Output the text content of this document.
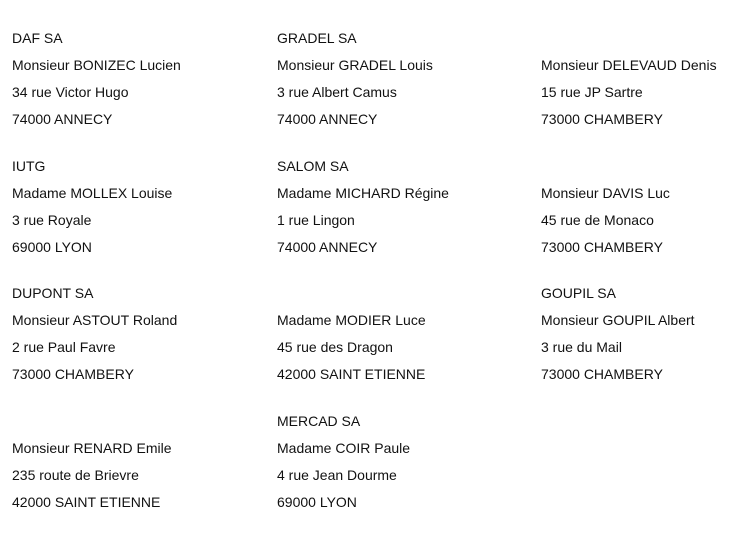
DAF SA
Monsieur BONIZEC Lucien
34 rue Victor Hugo
74000 ANNECY
GRADEL SA
Monsieur GRADEL Louis
3 rue Albert Camus
74000 ANNECY
Monsieur DELEVAUD Denis
15 rue JP Sartre
73000 CHAMBERY
IUTG
Madame MOLLEX Louise
3 rue Royale
69000 LYON
SALOM SA
Madame MICHARD Régine
1 rue Lingon
74000 ANNECY
Monsieur DAVIS Luc
45 rue de Monaco
73000 CHAMBERY
DUPONT SA
Monsieur ASTOUT Roland
2 rue Paul Favre
73000 CHAMBERY
Madame MODIER Luce
45 rue des Dragon
42000 SAINT ETIENNE
GOUPIL SA
Monsieur GOUPIL Albert
3 rue du Mail
73000 CHAMBERY
Monsieur RENARD Emile
235 route de Brievre
42000 SAINT ETIENNE
MERCAD SA
Madame COIR Paule
4 rue Jean Dourme
69000 LYON
